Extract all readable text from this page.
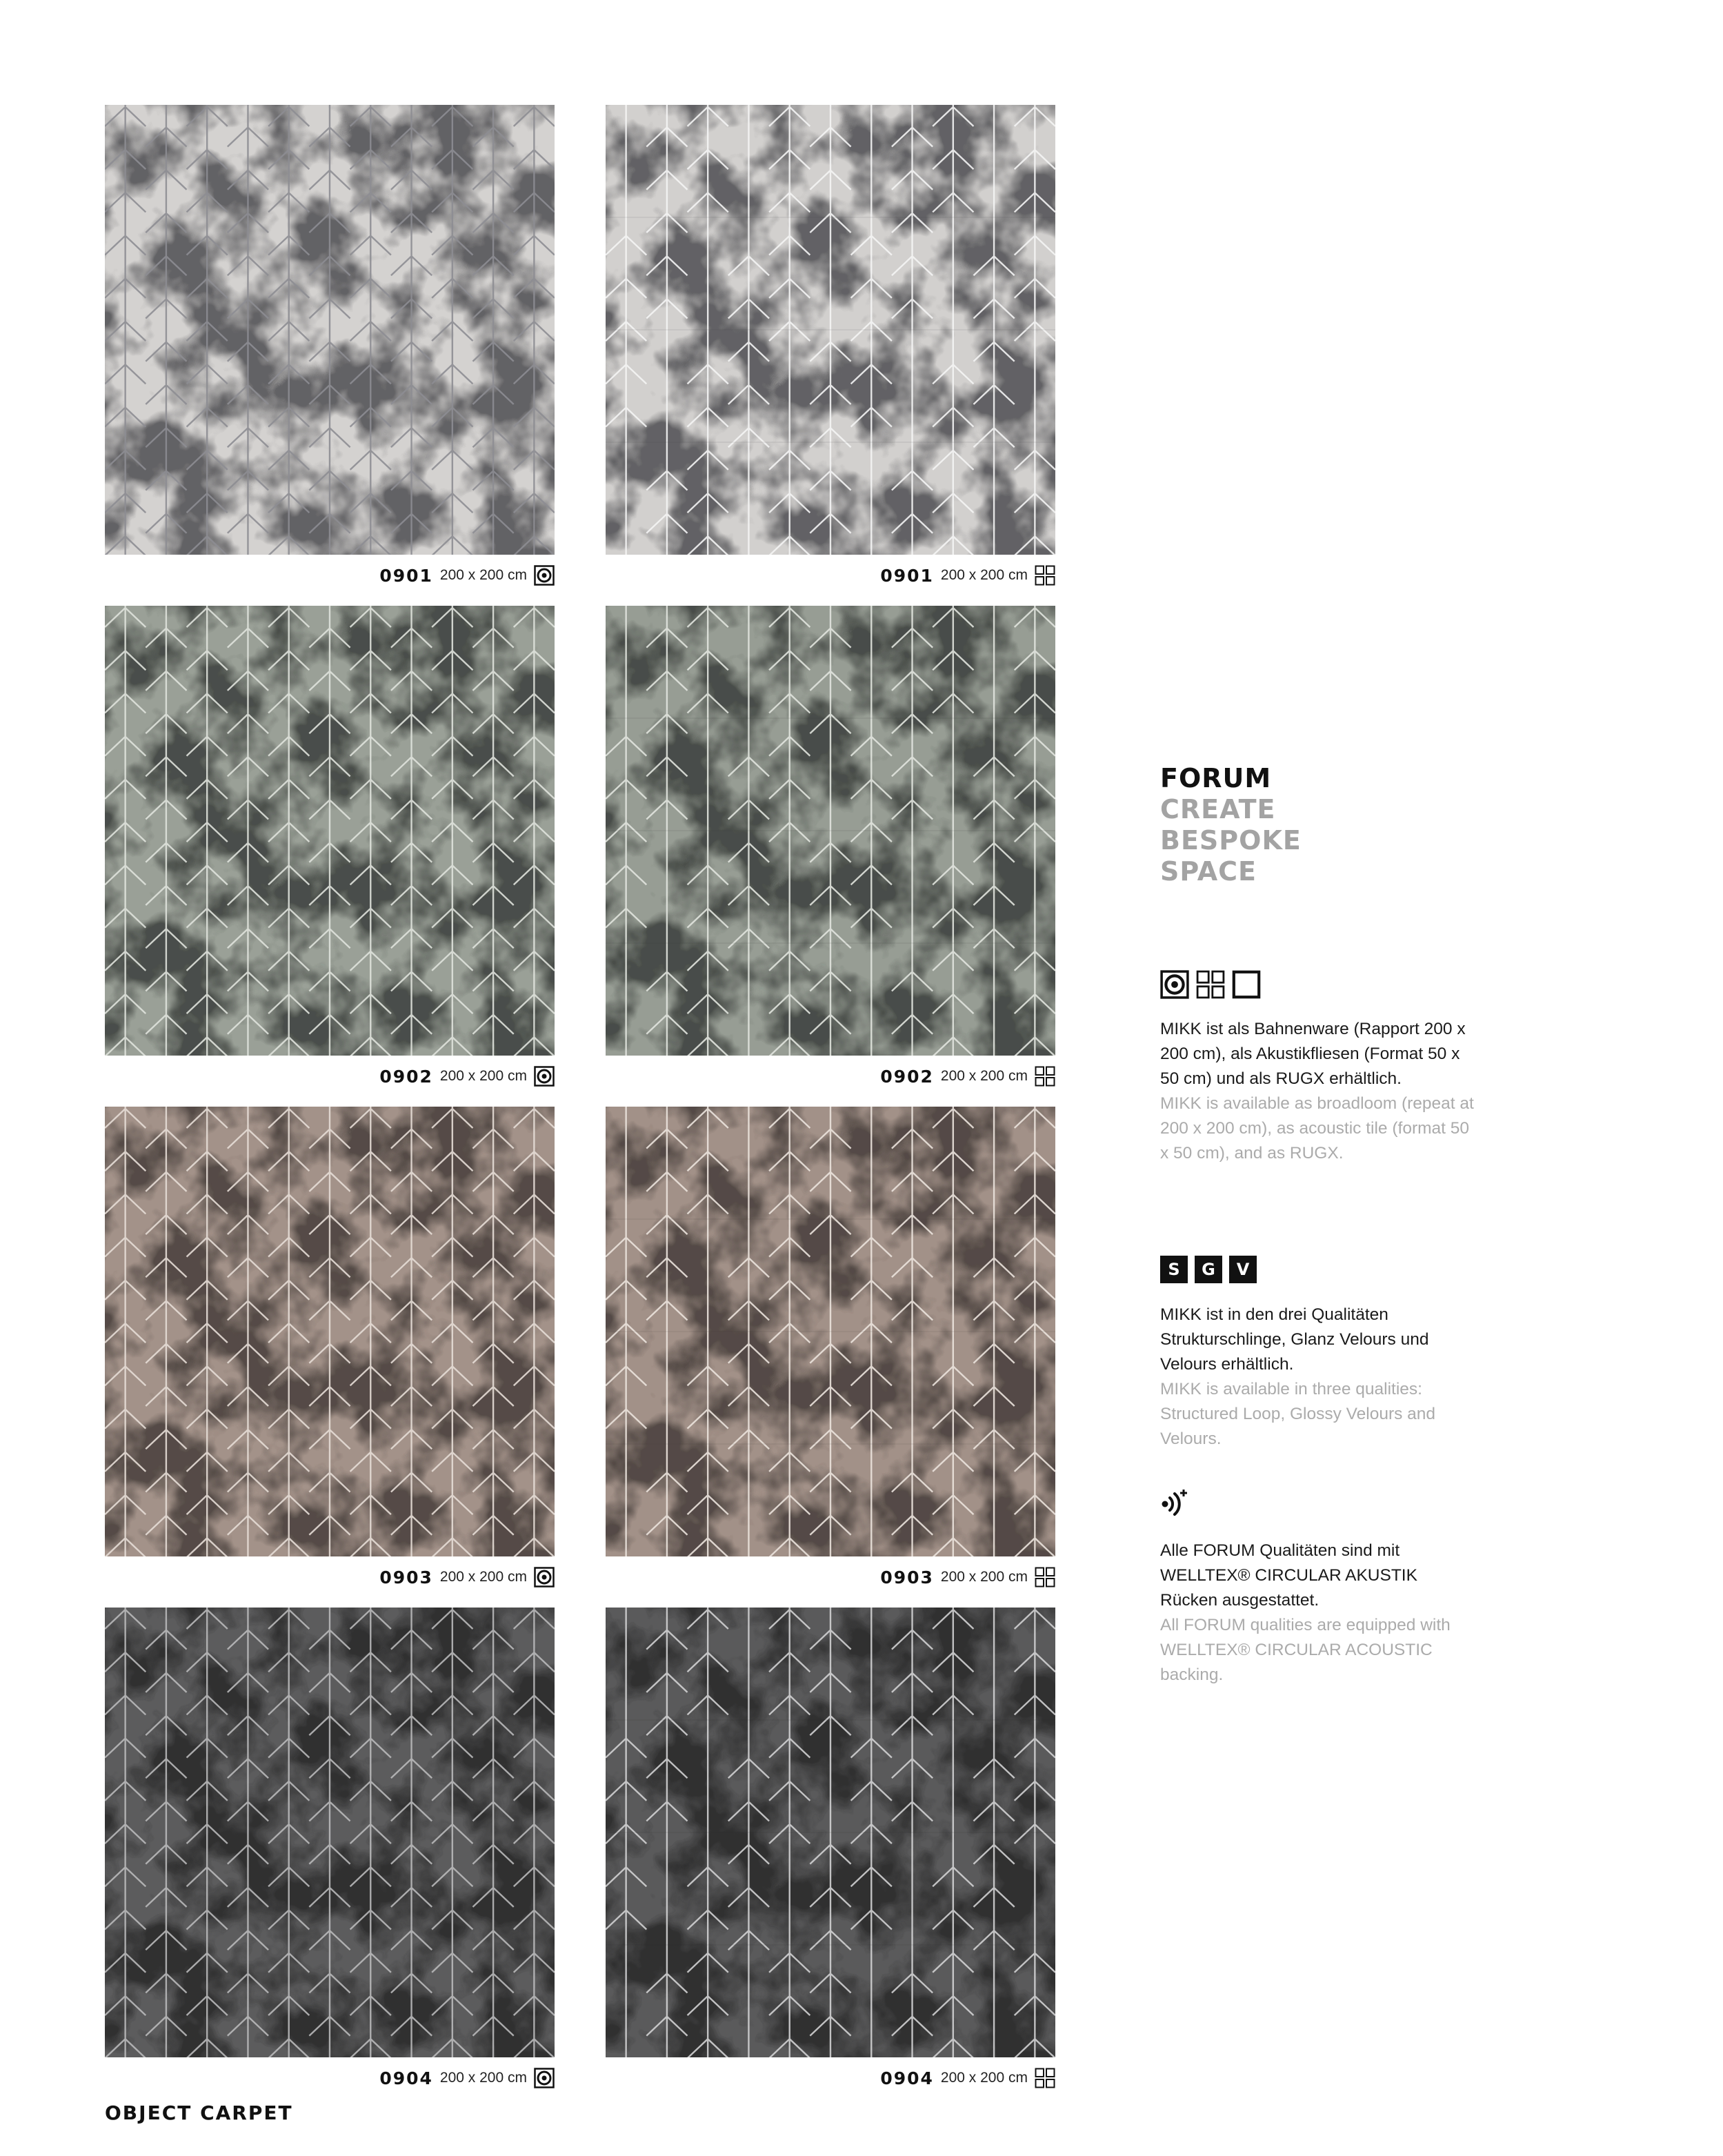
0901 200 x 200 cm	0901 200 x 200 cm
0902 200 x 200 cm	0902 200 x 200 cm
0903 200 x 200 cm	0903 200 x 200 cm
0904 200 x 200 cm	0904 200 x 200 cm
OBJECT CARPET
FORUM
CREATE
BESPOKE
SPACE
MIKK ist als Bahnenware (Rapport 200 x 200 cm), als Akustikfliesen (Format 50 x 50 cm) und als RUGX erhältlich.
MIKK is available as broadloom (repeat at 200 x 200 cm), as acoustic tile (format 50 x 50 cm), and as RUGX.
S	G	V
MIKK ist in den drei Qualitäten Strukturschlinge, Glanz Velours und Velours erhältlich.
MIKK is available in three qualities: Structured Loop, Glossy Velours and Velours.
Alle FORUM Qualitäten sind mit WELLTEX® CIRCULAR AKUSTIK Rücken ausgestattet.
All FORUM qualities are equipped with WELLTEX® CIRCULAR ACOUSTIC backing.
